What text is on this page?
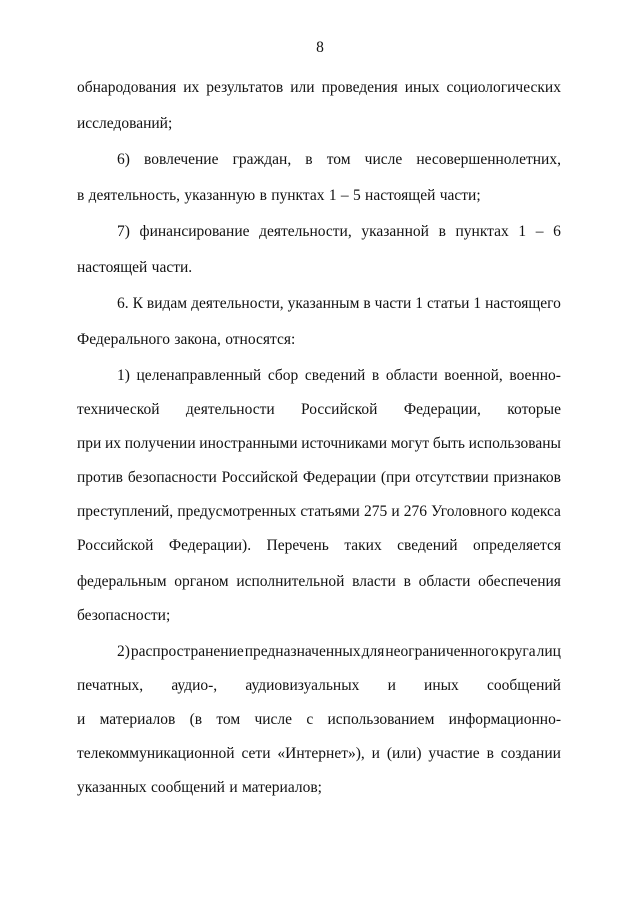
8
обнародования их результатов или проведения иных социологических
исследований;
6) вовлечение граждан, в том числе несовершеннолетних,
в деятельность, указанную в пунктах 1 – 5 настоящей части;
7) финансирование деятельности, указанной в пунктах 1 – 6
настоящей части.
6. К видам деятельности, указанным в части 1 статьи 1 настоящего
Федерального закона, относятся:
1) целенаправленный сбор сведений в области военной, военно-
технической деятельности Российской Федерации, которые
при их получении иностранными источниками могут быть использованы
против безопасности Российской Федерации (при отсутствии признаков
преступлений, предусмотренных статьями 275 и 276 Уголовного кодекса
Российской Федерации). Перечень таких сведений определяется
федеральным органом исполнительной власти в области обеспечения
безопасности;
2) распространение предназначенных для неограниченного круга лиц
печатных, аудио-, аудиовизуальных и иных сообщений
и материалов (в том числе с использованием информационно-
телекоммуникационной сети «Интернет»), и (или) участие в создании
указанных сообщений и материалов;
